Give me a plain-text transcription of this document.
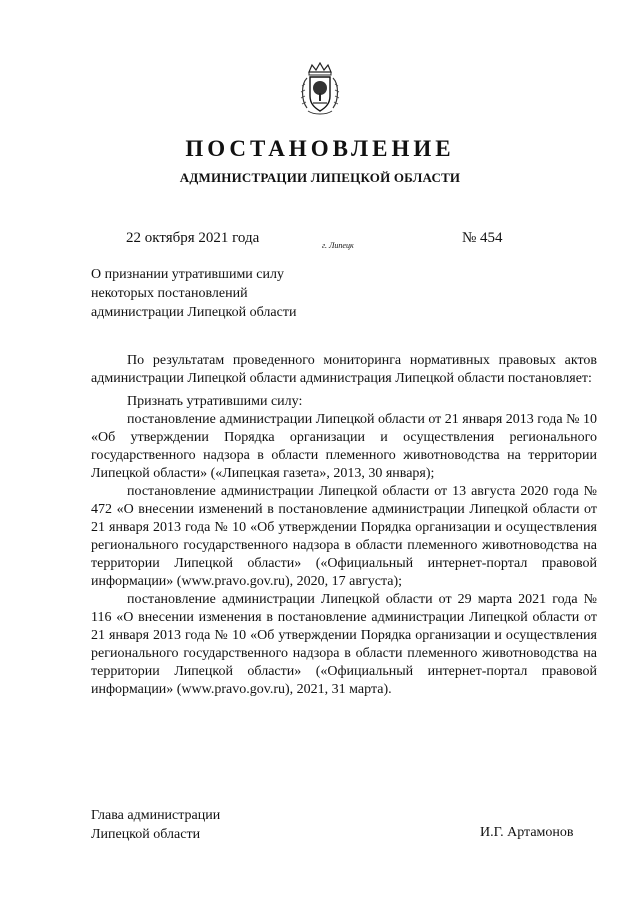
ПОСТАНОВЛЕНИЕ
АДМИНИСТРАЦИИ ЛИПЕЦКОЙ ОБЛАСТИ
22 октября 2021 года	г. Липецк	№ 454
О признании утратившими силу
некоторых постановлений
администрации Липецкой области

По результатам проведенного мониторинга нормативных правовых актов администрации Липецкой области администрация Липецкой области постановляет:

Признать утратившими силу:

постановление администрации Липецкой области от 21 января 2013 года № 10 «Об утверждении Порядка организации и осуществления регионального государственного надзора в области племенного животноводства на территории Липецкой области» («Липецкая газета», 2013, 30 января);

постановление администрации Липецкой области от 13 августа 2020 года № 472 «О внесении изменений в постановление администрации Липецкой области от 21 января 2013 года № 10 «Об утверждении Порядка организации и осуществления регионального государственного надзора в области племенного животноводства на территории Липецкой области» («Официальный интернет-портал правовой информации» (www.pravo.gov.ru), 2020, 17 августа);

постановление администрации Липецкой области от 29 марта 2021 года № 116 «О внесении изменения в постановление администрации Липецкой области от 21 января 2013 года № 10 «Об утверждении Порядка организации и осуществления регионального государственного надзора в области племенного животноводства на территории Липецкой области» («Официальный интернет-портал правовой информации» (www.pravo.gov.ru), 2021, 31 марта).

Глава администрации
Липецкой области	И.Г. Артамонов
